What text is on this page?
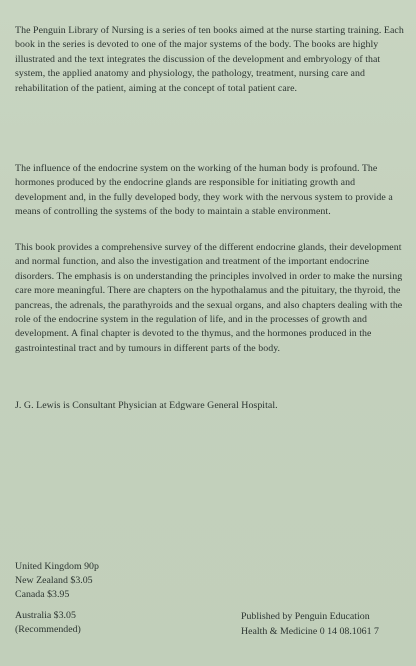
The Penguin Library of Nursing is a series of ten books aimed at the nurse starting training. Each book in the series is devoted to one of the major systems of the body. The books are highly illustrated and the text integrates the discussion of the development and embryology of that system, the applied anatomy and physiology, the pathology, treatment, nursing care and rehabilitation of the patient, aiming at the concept of total patient care.

The influence of the endocrine system on the working of the human body is profound. The hormones produced by the endocrine glands are responsible for initiating growth and development and, in the fully developed body, they work with the nervous system to provide a means of controlling the systems of the body to maintain a stable environment.

This book provides a comprehensive survey of the different endocrine glands, their development and normal function, and also the investigation and treatment of the important endocrine disorders. The emphasis is on understanding the principles involved in order to make the nursing care more meaningful. There are chapters on the hypothalamus and the pituitary, the thyroid, the pancreas, the adrenals, the parathyroids and the sexual organs, and also chapters dealing with the role of the endocrine system in the regulation of life, and in the processes of growth and development. A final chapter is devoted to the thymus, and the hormones produced in the gastrointestinal tract and by tumours in different parts of the body.

J. G. Lewis is Consultant Physician at Edgware General Hospital.

United Kingdom 90p
New Zealand $3.05
Canada $3.95
Australia $3.05
(Recommended)
Published by Penguin Education
Health & Medicine 0 14 08.1061 7
